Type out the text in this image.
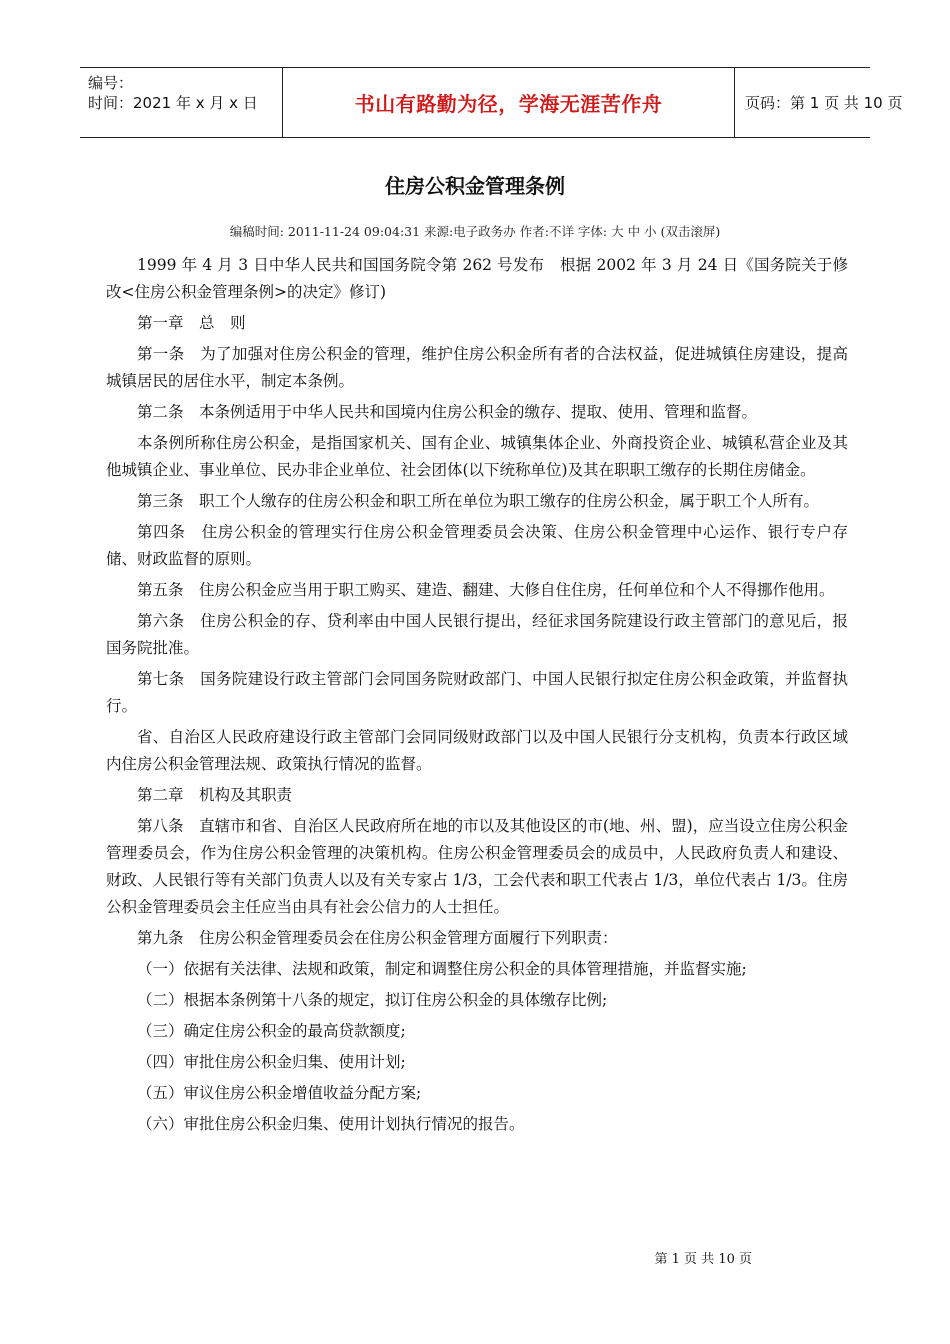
编号：
时间：2021 年 x 月 x 日	书山有路勤为径，学海无涯苦作舟	页码：第 1 页 共 10 页
住房公积金管理条例
编稿时间: 2011-11-24 09:04:31 来源:电子政务办 作者:不详 字体: 大 中 小 (双击滚屏)

1999 年 4 月 3 日中华人民共和国国务院令第 262 号发布　根据 2002 年 3 月 24 日《国务院关于修改<住房公积金管理条例>的决定》修订)

第一章　总　则

第一条　为了加强对住房公积金的管理，维护住房公积金所有者的合法权益，促进城镇住房建设，提高城镇居民的居住水平，制定本条例。

第二条　本条例适用于中华人民共和国境内住房公积金的缴存、提取、使用、管理和监督。

本条例所称住房公积金，是指国家机关、国有企业、城镇集体企业、外商投资企业、城镇私营企业及其他城镇企业、事业单位、民办非企业单位、社会团体(以下统称单位)及其在职职工缴存的长期住房储金。

第三条　职工个人缴存的住房公积金和职工所在单位为职工缴存的住房公积金，属于职工个人所有。

第四条　住房公积金的管理实行住房公积金管理委员会决策、住房公积金管理中心运作、银行专户存储、财政监督的原则。

第五条　住房公积金应当用于职工购买、建造、翻建、大修自住住房，任何单位和个人不得挪作他用。

第六条　住房公积金的存、贷利率由中国人民银行提出，经征求国务院建设行政主管部门的意见后，报国务院批准。

第七条　国务院建设行政主管部门会同国务院财政部门、中国人民银行拟定住房公积金政策，并监督执行。

省、自治区人民政府建设行政主管部门会同同级财政部门以及中国人民银行分支机构，负责本行政区域内住房公积金管理法规、政策执行情况的监督。

第二章　机构及其职责

第八条　直辖市和省、自治区人民政府所在地的市以及其他设区的市(地、州、盟)，应当设立住房公积金管理委员会，作为住房公积金管理的决策机构。住房公积金管理委员会的成员中，人民政府负责人和建设、财政、人民银行等有关部门负责人以及有关专家占 1/3，工会代表和职工代表占 1/3，单位代表占 1/3。住房公积金管理委员会主任应当由具有社会公信力的人士担任。

第九条　住房公积金管理委员会在住房公积金管理方面履行下列职责：

（一）依据有关法律、法规和政策，制定和调整住房公积金的具体管理措施，并监督实施;

（二）根据本条例第十八条的规定，拟订住房公积金的具体缴存比例;

（三）确定住房公积金的最高贷款额度;

（四）审批住房公积金归集、使用计划;

（五）审议住房公积金增值收益分配方案;

（六）审批住房公积金归集、使用计划执行情况的报告。

第 1 页 共 10 页
